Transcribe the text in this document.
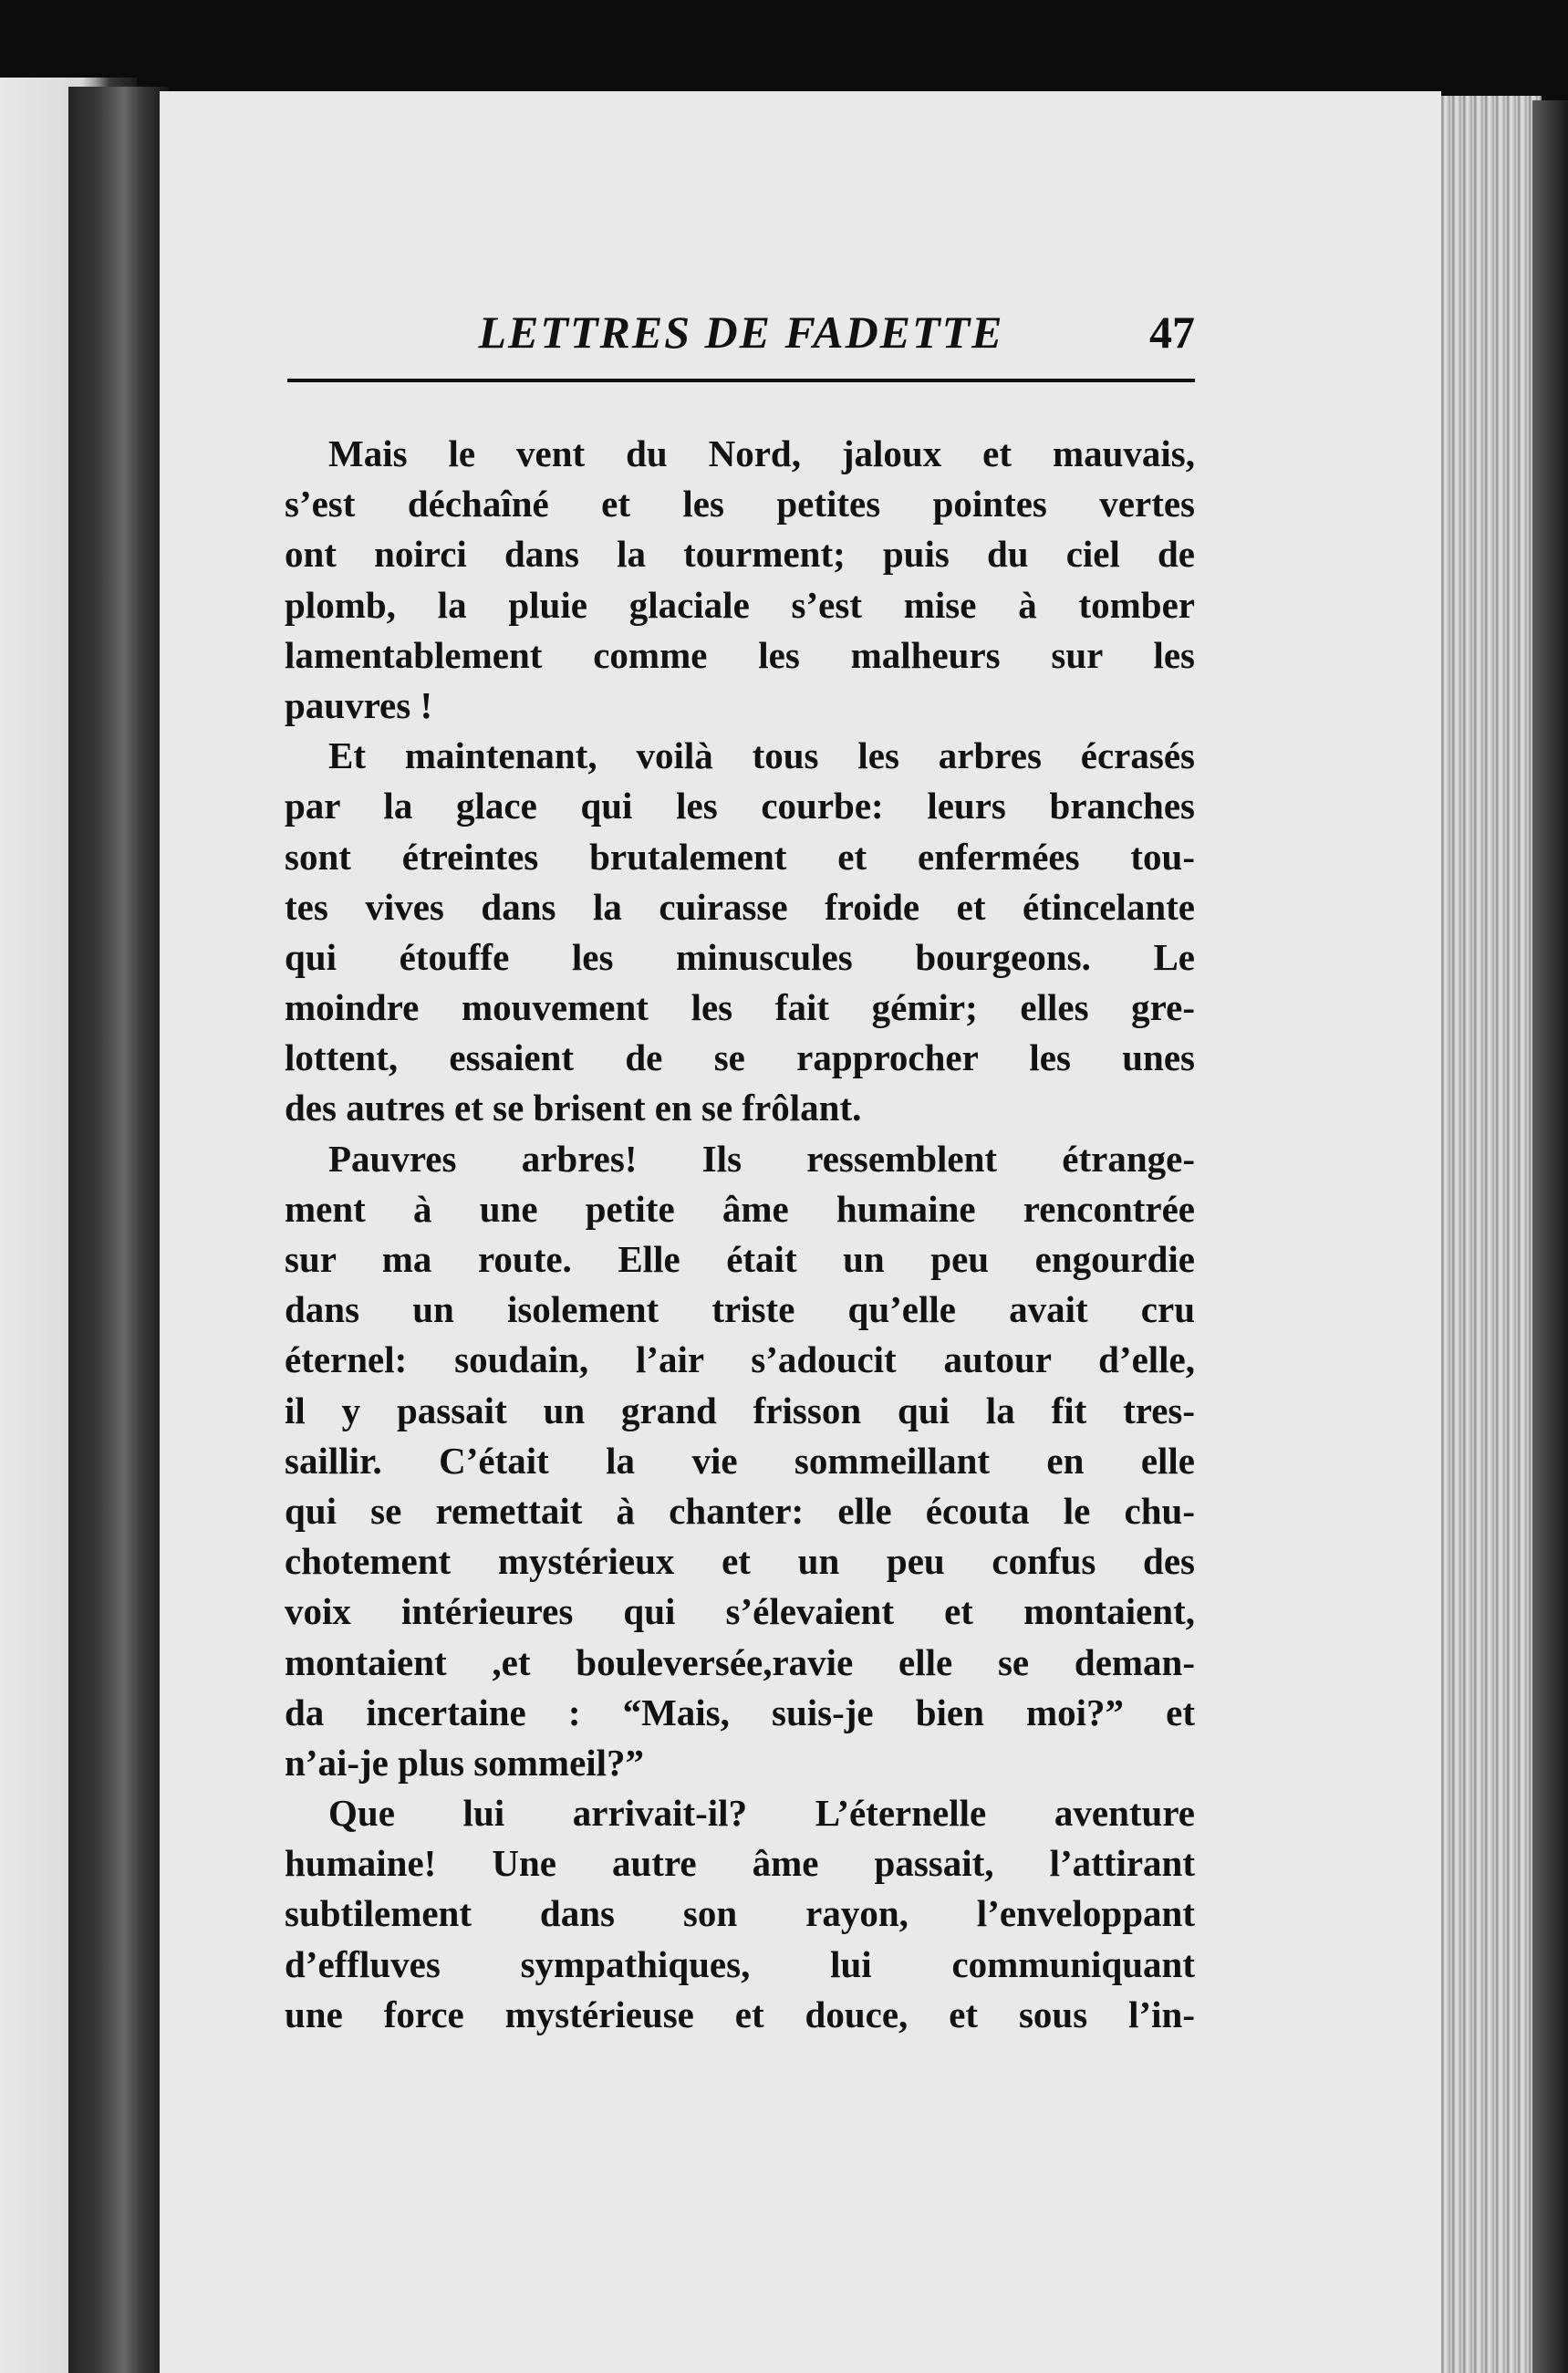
LETTRES DE FADETTE	47
Mais le vent du Nord, jaloux et mauvais,
s’est déchaîné et les petites pointes vertes
ont noirci dans la tourment; puis du ciel de
plomb, la pluie glaciale s’est mise à tomber
lamentablement comme les malheurs sur les
pauvres !
Et maintenant, voilà tous les arbres écrasés
par la glace qui les courbe: leurs branches
sont étreintes brutalement et enfermées tou-
tes vives dans la cuirasse froide et étincelante
qui étouffe les minuscules bourgeons. Le
moindre mouvement les fait gémir; elles gre-
lottent, essaient de se rapprocher les unes
des autres et se brisent en se frôlant.
Pauvres arbres! Ils ressemblent étrange-
ment à une petite âme humaine rencontrée
sur ma route. Elle était un peu engourdie
dans un isolement triste qu’elle avait cru
éternel: soudain, l’air s’adoucit autour d’elle,
il y passait un grand frisson qui la fit tres-
saillir. C’était la vie sommeillant en elle
qui se remettait à chanter: elle écouta le chu-
chotement mystérieux et un peu confus des
voix intérieures qui s’élevaient et montaient,
montaient ,et bouleversée,ravie elle se deman-
da incertaine : “Mais, suis-je bien moi?” et
n’ai-je plus sommeil?”
Que lui arrivait-il? L’éternelle aventure
humaine! Une autre âme passait, l’attirant
subtilement dans son rayon, l’enveloppant
d’effluves sympathiques, lui communiquant
une force mystérieuse et douce, et sous l’in-
